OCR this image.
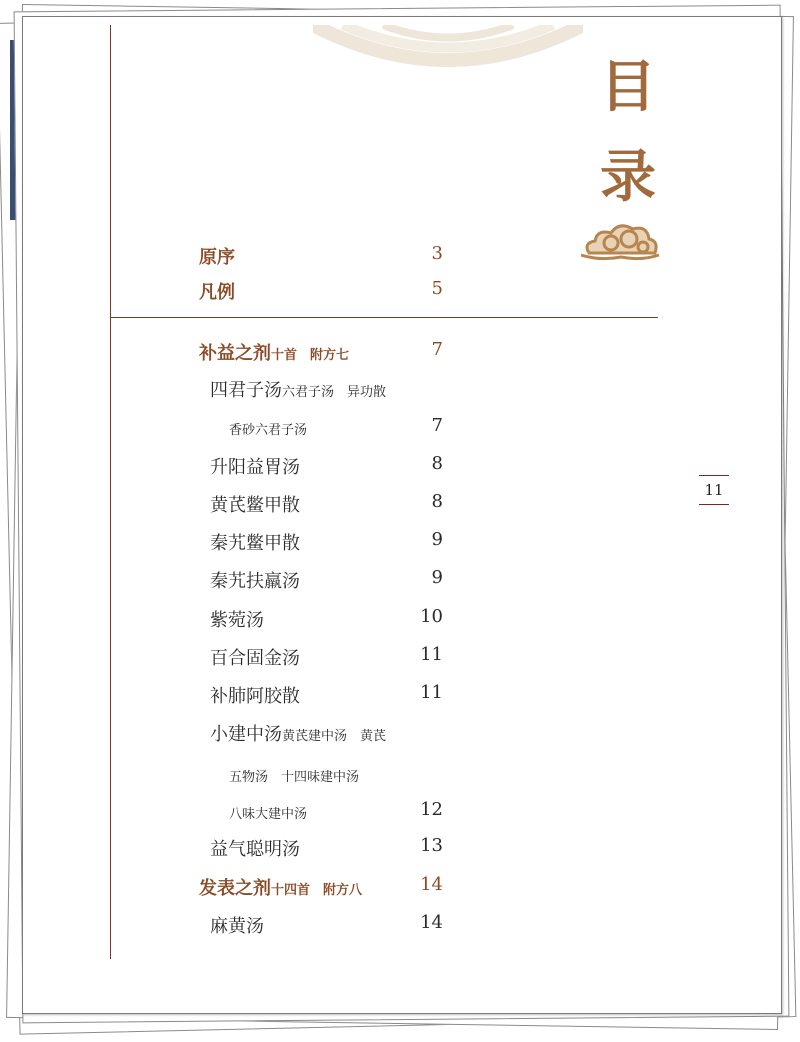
目
录
11
原序	3
凡例	5
补益之剂十首　附方七	7
四君子汤六君子汤　异功散
香砂六君子汤	7
升阳益胃汤	8
黄芪鳖甲散	8
秦艽鳖甲散	9
秦艽扶羸汤	9
紫菀汤	10
百合固金汤	11
补肺阿胶散	11
小建中汤黄芪建中汤　黄芪
五物汤　十四味建中汤
八味大建中汤	12
益气聪明汤	13
发表之剂十四首　附方八	14
麻黄汤	14
